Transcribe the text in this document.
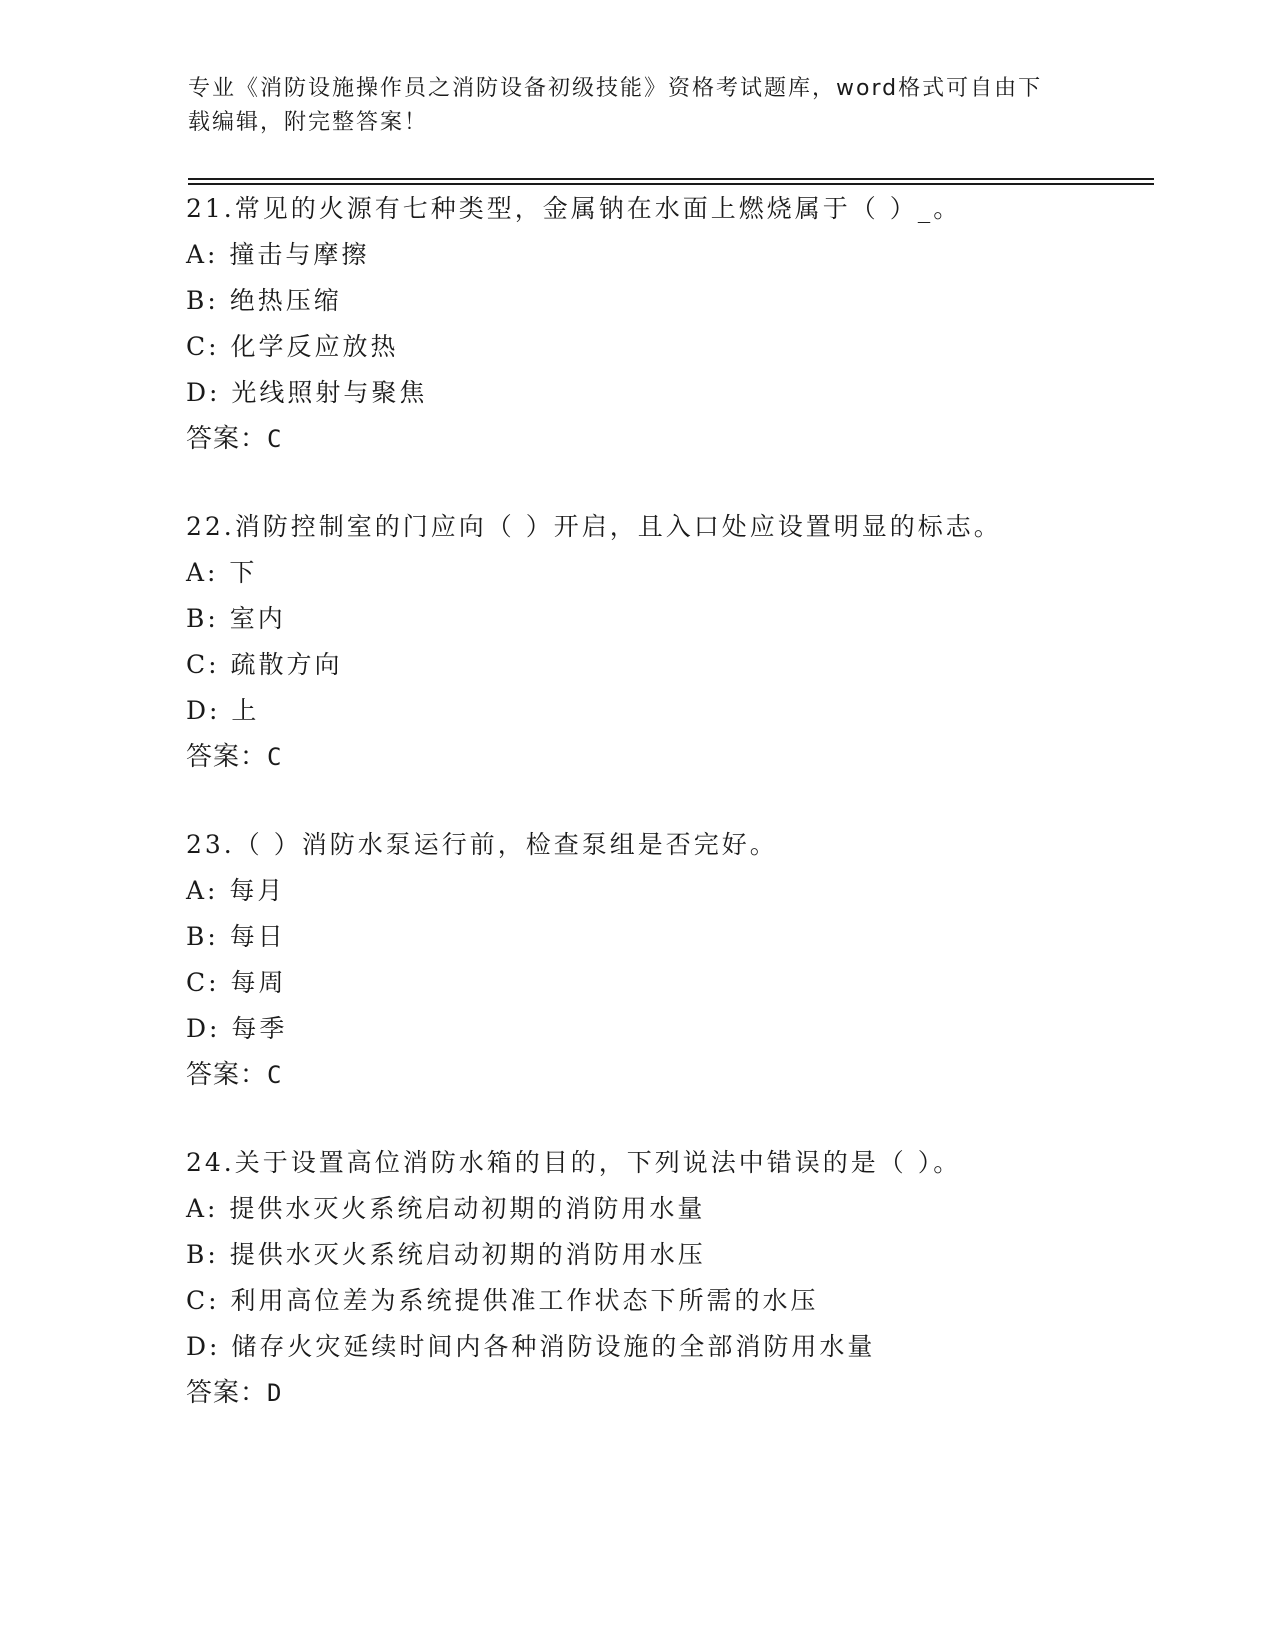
专业《消防设施操作员之消防设备初级技能》资格考试题库，word格式可自由下
载编辑，附完整答案！
21.常见的火源有七种类型，金属钠在水面上燃烧属于（ ）_。
A: 撞击与摩擦
B: 绝热压缩
C: 化学反应放热
D: 光线照射与聚焦
答案：C
22.消防控制室的门应向（ ）开启，且入口处应设置明显的标志。
A: 下
B: 室内
C: 疏散方向
D: 上
答案：C
23.（ ）消防水泵运行前，检查泵组是否完好。
A: 每月
B: 每日
C: 每周
D: 每季
答案：C
24.关于设置高位消防水箱的目的，下列说法中错误的是（ ）。
A: 提供水灭火系统启动初期的消防用水量
B: 提供水灭火系统启动初期的消防用水压
C: 利用高位差为系统提供准工作状态下所需的水压
D: 储存火灾延续时间内各种消防设施的全部消防用水量
答案：D
